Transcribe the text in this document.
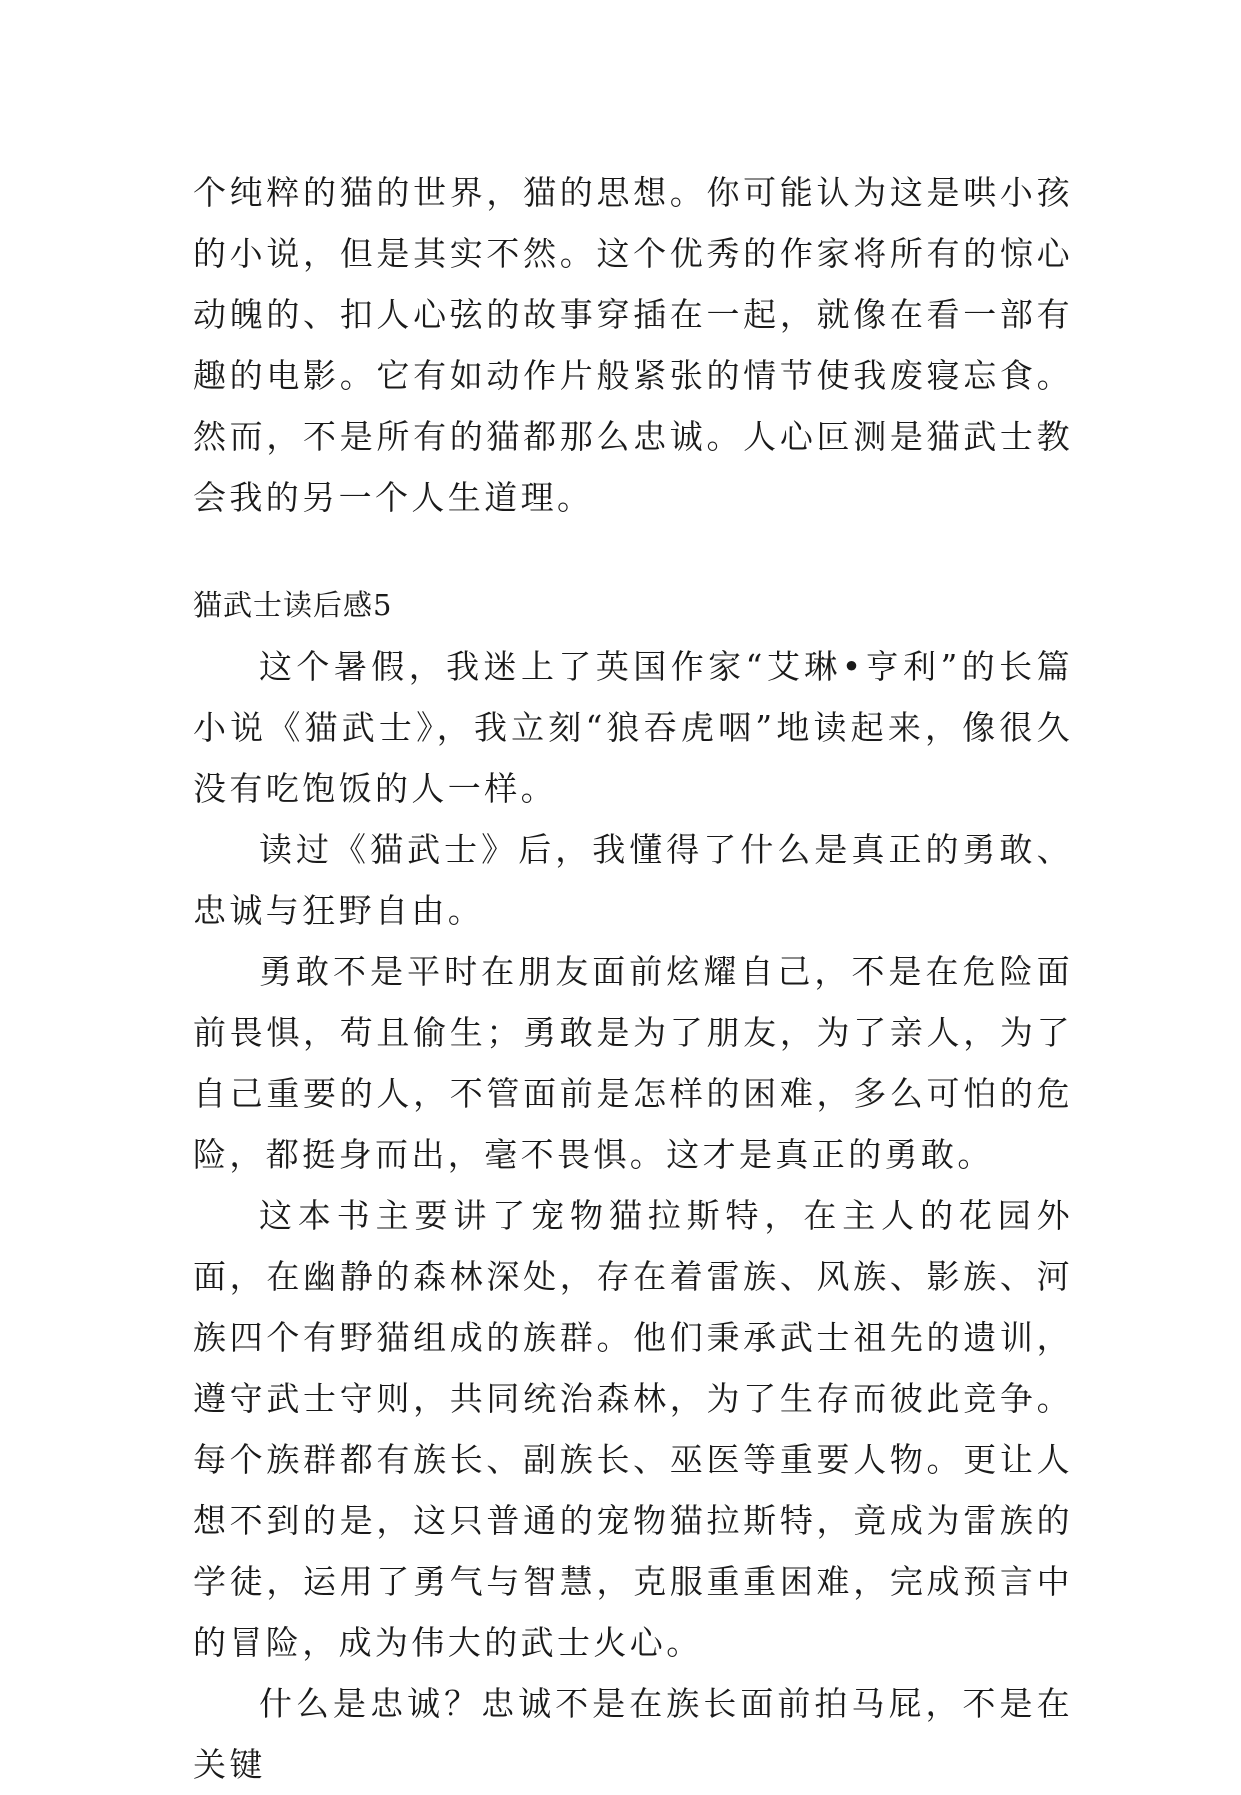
个纯粹的猫的世界，猫的思想。你可能认为这是哄小孩的小说，但是其实不然。这个优秀的作家将所有的惊心动魄的、扣人心弦的故事穿插在一起，就像在看一部有趣的电影。它有如动作片般紧张的情节使我废寝忘食。然而，不是所有的猫都那么忠诚。人心叵测是猫武士教会我的另一个人生道理。

猫武士读后感5

这个暑假，我迷上了英国作家“艾琳•亨利”的长篇小说《猫武士》，我立刻“狼吞虎咽”地读起来，像很久没有吃饱饭的人一样。

读过《猫武士》后，我懂得了什么是真正的勇敢、忠诚与狂野自由。

勇敢不是平时在朋友面前炫耀自己，不是在危险面前畏惧，苟且偷生；勇敢是为了朋友，为了亲人，为了自己重要的人，不管面前是怎样的困难，多么可怕的危险，都挺身而出，毫不畏惧。这才是真正的勇敢。

这本书主要讲了宠物猫拉斯特，在主人的花园外面，在幽静的森林深处，存在着雷族、风族、影族、河族四个有野猫组成的族群。他们秉承武士祖先的遗训，遵守武士守则，共同统治森林，为了生存而彼此竞争。每个族群都有族长、副族长、巫医等重要人物。更让人想不到的是，这只普通的宠物猫拉斯特，竟成为雷族的学徒，运用了勇气与智慧，克服重重困难，完成预言中的冒险，成为伟大的武士火心。

什么是忠诚？忠诚不是在族长面前拍马屁，不是在关键
